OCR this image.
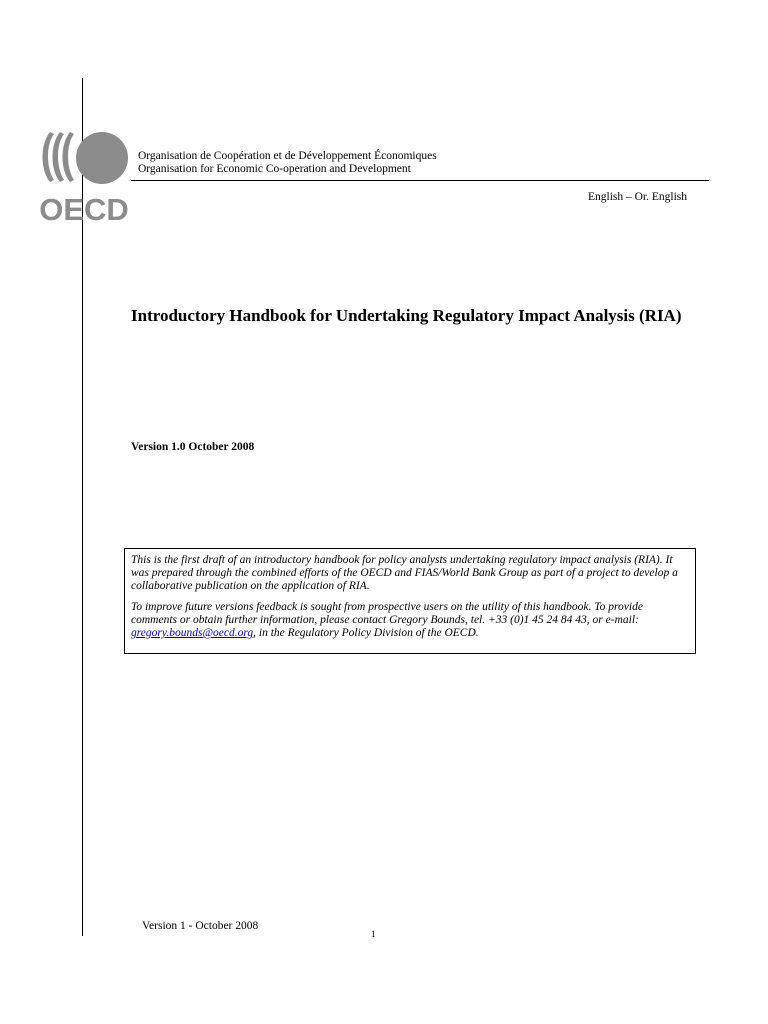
OECD
Organisation de Coopération et de Développement Économiques
Organisation for Economic Co-operation and Development
English – Or. English
Introductory Handbook for Undertaking Regulatory Impact Analysis (RIA)
Version 1.0 October 2008

This is the first draft of an introductory handbook for policy analysts undertaking regulatory impact analysis (RIA). It was prepared through the combined efforts of the OECD and FIAS/World Bank Group as part of a project to develop a collaborative publication on the application of RIA.

To improve future versions feedback is sought from prospective users on the utility of this handbook. To provide comments or obtain further information, please contact Gregory Bounds, tel. +33 (0)1 45 24 84 43, or e-mail: gregory.bounds@oecd.org, in the Regulatory Policy Division of the OECD.

Version 1 - October 2008
1
